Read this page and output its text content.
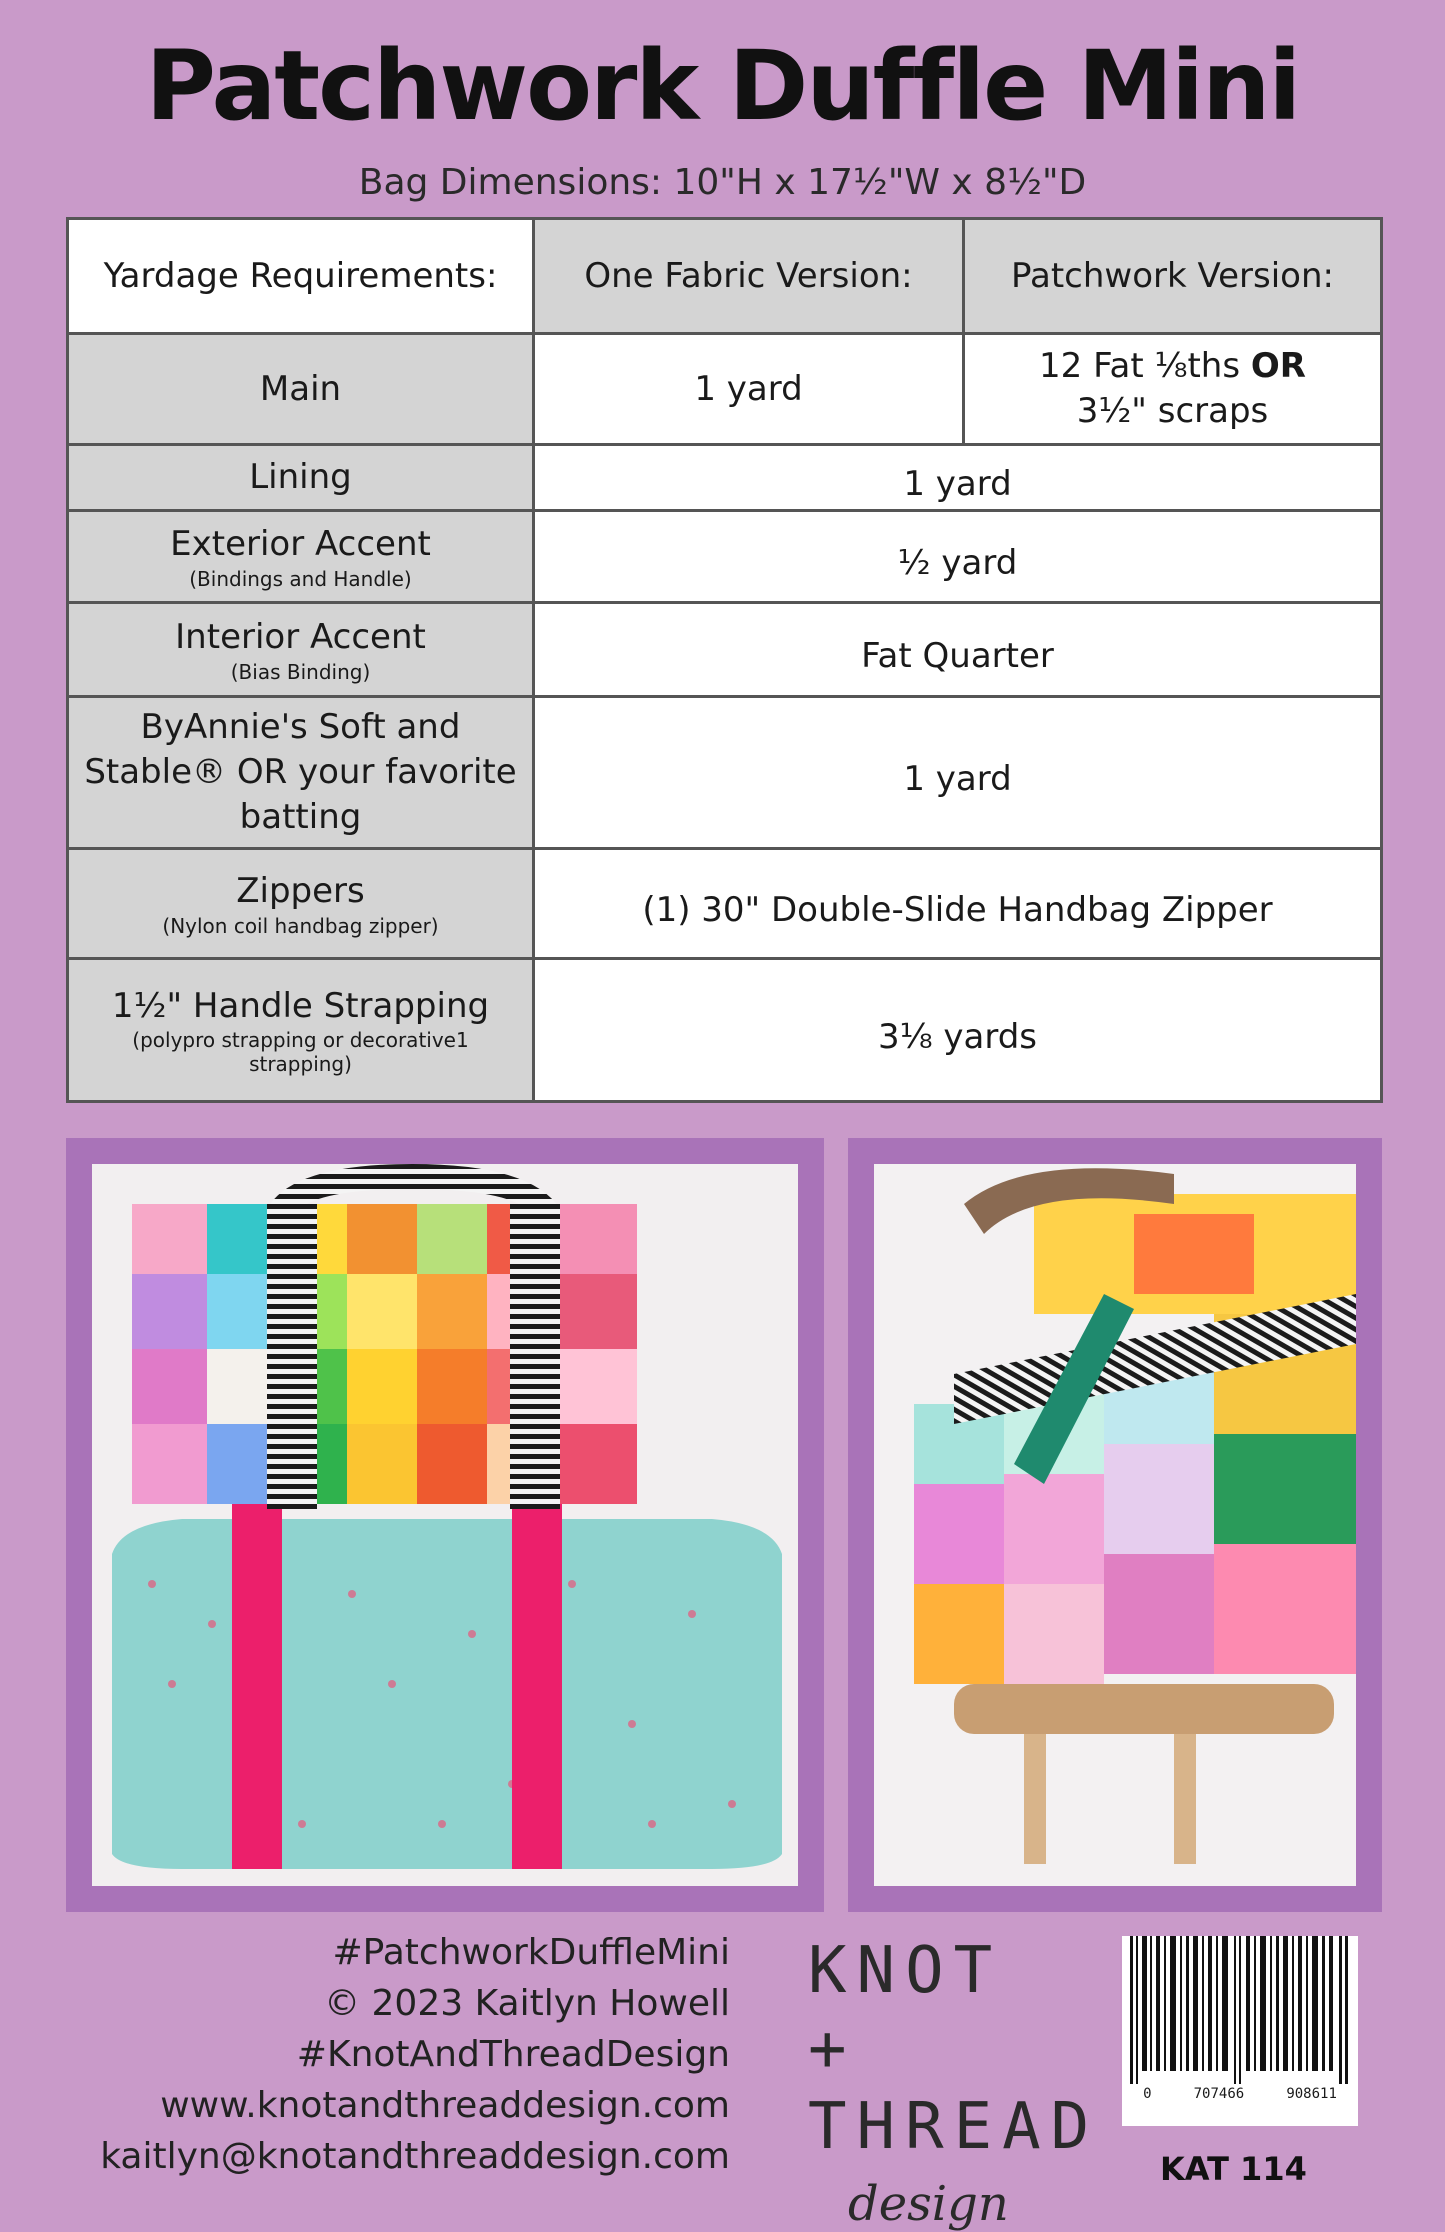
Patchwork Duffle Mini
Bag Dimensions: 10"H x 17½"W x 8½"D
Yardage Requirements:	One Fabric Version:	Patchwork Version:
Main	1 yard	12 Fat ⅛ths OR
3½" scraps
Lining	1 yard	
Exterior Accent
(Bindings and Handle)	½ yard	
Interior Accent
(Bias Binding)	Fat Quarter	
ByAnnie's Soft and Stable® OR your favorite batting	1 yard	
Zippers
(Nylon coil handbag zipper)	(1) 30" Double-Slide Handbag Zipper	
1½" Handle Strapping
(polypro strapping or decorative1 strapping)	3⅛ yards	
#PatchworkDuffleMini
© 2023 Kaitlyn Howell
#KnotAndThreadDesign
www.knotandthreaddesign.com
kaitlyn@knotandthreaddesign.com
KNOT +
THREAD
design
0	707466	908611
KAT 114
